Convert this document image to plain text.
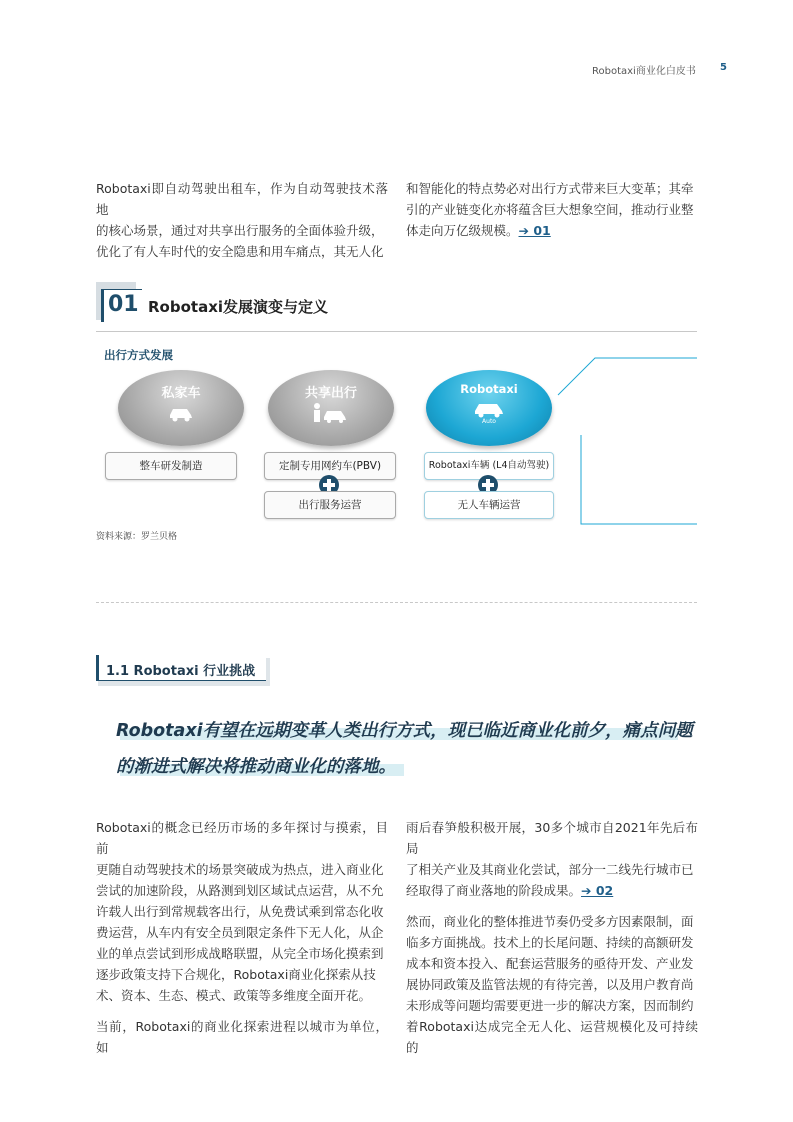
Robotaxi商业化白皮书 5

Robotaxi即自动驾驶出租车，作为自动驾驶技术落地

的核心场景，通过对共享出行服务的全面体验升级，

优化了有人车时代的安全隐患和用车痛点，其无人化

和智能化的特点势必对出行方式带来巨大变革；其牵

引的产业链变化亦将蕴含巨大想象空间，推动行业整

体走向万亿级规模。➔ 01

01 Robotaxi发展演变与定义
出行方式发展
私家车	共享出行	Robotaxi
Auto
整车研发制造	定制专用网约车(PBV)
出行服务运营
Robotaxi车辆 (L4自动驾驶)
无人车辆运营
资料来源：罗兰贝格
1.1 Robotaxi 行业挑战
Robotaxi有望在远期变革人类出行方式，现已临近商业化前夕，痛点问题
的渐进式解决将推动商业化的落地。

Robotaxi的概念已经历市场的多年探讨与摸索，目前

更随自动驾驶技术的场景突破成为热点，进入商业化

尝试的加速阶段，从路测到划区域试点运营，从不允

许载人出行到常规载客出行，从免费试乘到常态化收

费运营，从车内有安全员到限定条件下无人化，从企

业的单点尝试到形成战略联盟，从完全市场化摸索到

逐步政策支持下合规化，Robotaxi商业化探索从技

术、资本、生态、模式、政策等多维度全面开花。

当前，Robotaxi的商业化探索进程以城市为单位，如

雨后春笋般积极开展，30多个城市自2021年先后布局

了相关产业及其商业化尝试，部分一二线先行城市已

经取得了商业落地的阶段成果。➔ 02

然而，商业化的整体推进节奏仍受多方因素限制，面

临多方面挑战。技术上的长尾问题、持续的高额研发

成本和资本投入、配套运营服务的亟待开发、产业发

展协同政策及监管法规的有待完善，以及用户教育尚

未形成等问题均需要更进一步的解决方案，因而制约

着Robotaxi达成完全无人化、运营规模化及可持续的
